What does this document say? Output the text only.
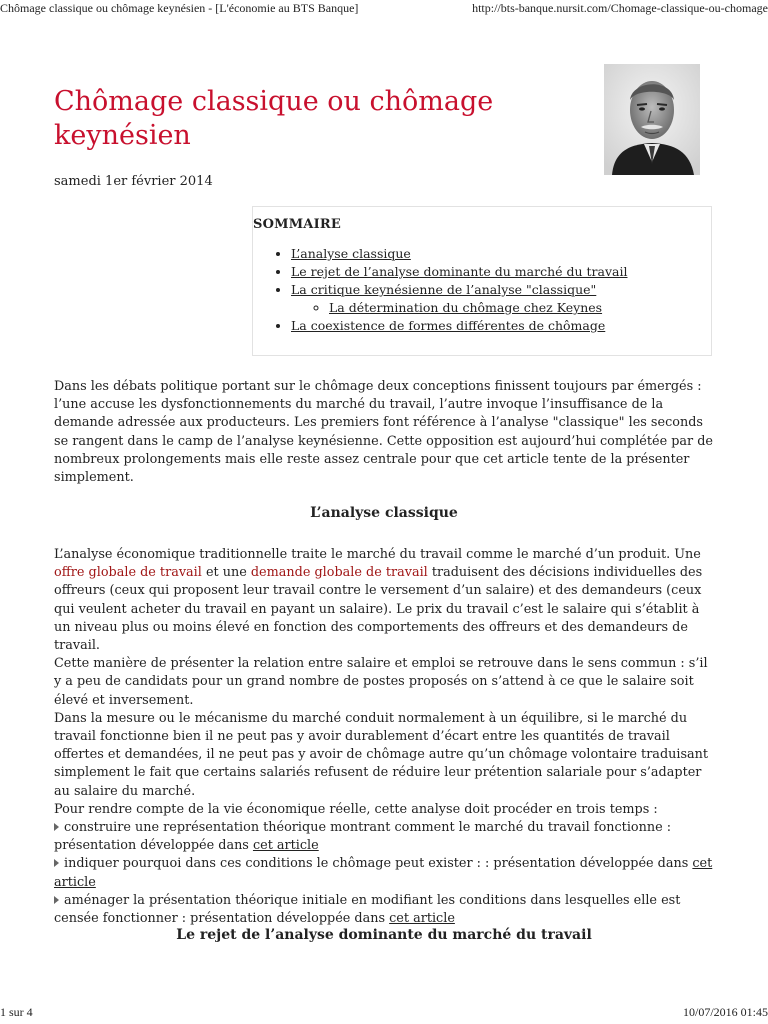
Chômage classique ou chômage keynésien - [L'économie au BTS Banque]	http://bts-banque.nursit.com/Chomage-classique-ou-chomage
Chômage classique ou chômage keynésien
samedi 1er février 2014
SOMMAIRE
• L’analyse classique
• Le rejet de l’analyse dominante du marché du travail
• La critique keynésienne de l’analyse "classique"
◦ La détermination du chômage chez Keynes
• La coexistence de formes différentes de chômage

Dans les débats politique portant sur le chômage deux conceptions finissent toujours par émergés : l’une accuse les dysfonctionnements du marché du travail, l’autre invoque l’insuffisance de la demande adressée aux producteurs. Les premiers font référence à l’analyse "classique" les seconds se rangent dans le camp de l’analyse keynésienne. Cette opposition est aujourd’hui complétée par de nombreux prolongements mais elle reste assez centrale pour que cet article tente de la présenter simplement.

L’analyse classique
L’analyse économique traditionnelle traite le marché du travail comme le marché d’un produit. Une offre globale de travail et une demande globale de travail traduisent des décisions individuelles des offreurs (ceux qui proposent leur travail contre le versement d’un salaire) et des demandeurs (ceux qui veulent acheter du travail en payant un salaire). Le prix du travail c’est le salaire qui s’établit à un niveau plus ou moins élevé en fonction des comportements des offreurs et des demandeurs de travail.
Cette manière de présenter la relation entre salaire et emploi se retrouve dans le sens commun : s’il y a peu de candidats pour un grand nombre de postes proposés on s’attend à ce que le salaire soit élevé et inversement.
Dans la mesure ou le mécanisme du marché conduit normalement à un équilibre, si le marché du travail fonctionne bien il ne peut pas y avoir durablement d’écart entre les quantités de travail offertes et demandées, il ne peut pas y avoir de chômage autre qu’un chômage volontaire traduisant simplement le fait que certains salariés refusent de réduire leur prétention salariale pour s’adapter au salaire du marché.
Pour rendre compte de la vie économique réelle, cette analyse doit procéder en trois temps :
construire une représentation théorique montrant comment le marché du travail fonctionne : présentation développée dans cet article
indiquer pourquoi dans ces conditions le chômage peut exister : : présentation développée dans cet article
aménager la présentation théorique initiale en modifiant les conditions dans lesquelles elle est censée fonctionner : présentation développée dans cet article
Le rejet de l’analyse dominante du marché du travail
1 sur 4	10/07/2016 01:45
